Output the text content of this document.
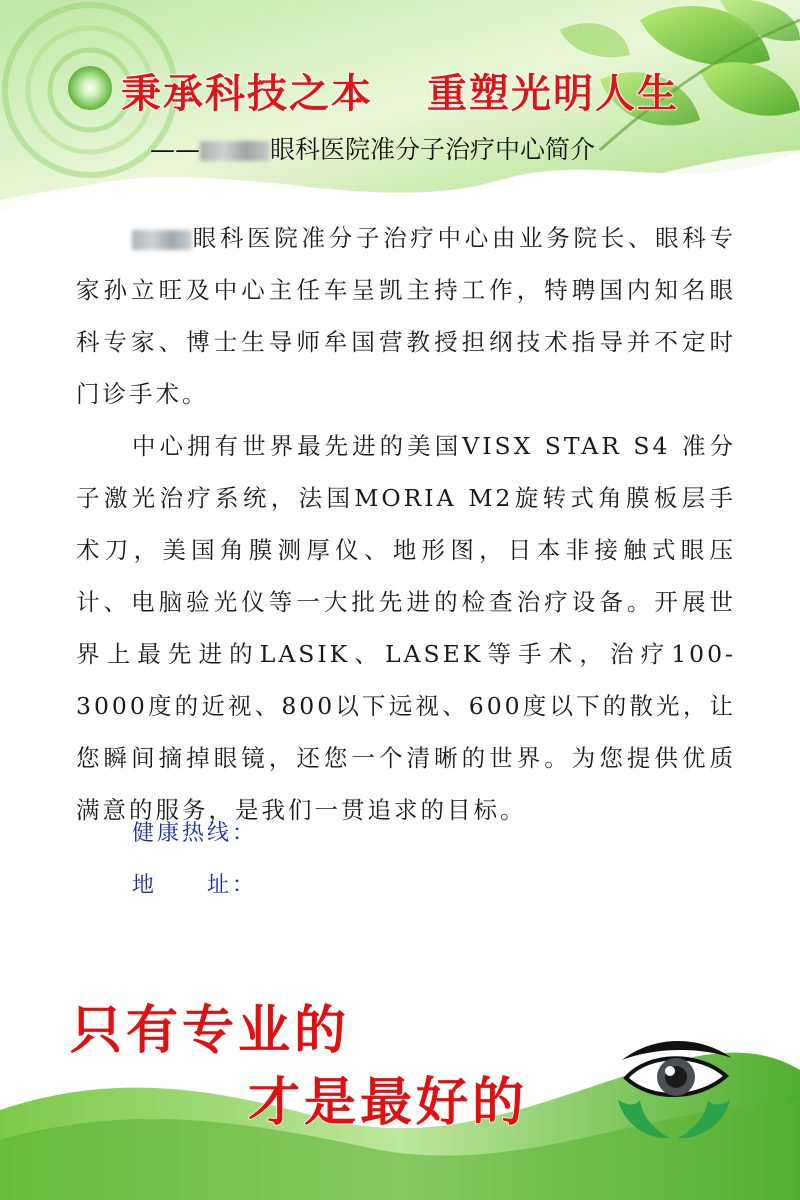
秉承科技之本 重塑光明人生
——	眼科医院准分子治疗中心简介

眼科医院准分子治疗中心由业务院长、眼科专家孙立旺及中心主任车呈凯主持工作，特聘国内知名眼科专家、博士生导师牟国营教授担纲技术指导并不定时门诊手术。

中心拥有世界最先进的美国VISX STAR S4 准分子激光治疗系统，法国MORIA M2旋转式角膜板层手术刀，美国角膜测厚仪、地形图，日本非接触式眼压计、电脑验光仪等一大批先进的检查治疗设备。开展世界上最先进的LASIK、LASEK等手术，治疗100-3000度的近视、800以下远视、600度以下的散光，让您瞬间摘掉眼镜，还您一个清晰的世界。为您提供优质满意的服务，是我们一贯追求的目标。

健康热线：
地　　址：
只有专业的
才是最好的
